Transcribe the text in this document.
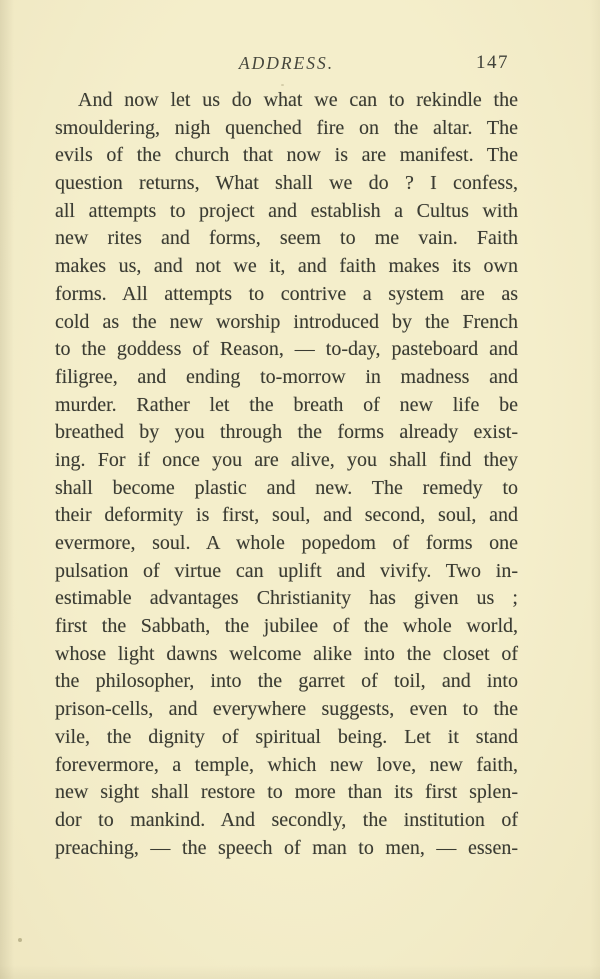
ADDRESS.	147
And now let us do what we can to rekindle the
smouldering, nigh quenched fire on the altar. The
evils of the church that now is are manifest. The
question returns, What shall we do ? I confess,
all attempts to project and establish a Cultus with
new rites and forms, seem to me vain. Faith
makes us, and not we it, and faith makes its own
forms. All attempts to contrive a system are as
cold as the new worship introduced by the French
to the goddess of Reason, — to-day, pasteboard and
filigree, and ending to-morrow in madness and
murder. Rather let the breath of new life be
breathed by you through the forms already exist-
ing. For if once you are alive, you shall find they
shall become plastic and new. The remedy to
their deformity is first, soul, and second, soul, and
evermore, soul. A whole popedom of forms one
pulsation of virtue can uplift and vivify. Two in-
estimable advantages Christianity has given us ;
first the Sabbath, the jubilee of the whole world,
whose light dawns welcome alike into the closet of
the philosopher, into the garret of toil, and into
prison-cells, and everywhere suggests, even to the
vile, the dignity of spiritual being. Let it stand
forevermore, a temple, which new love, new faith,
new sight shall restore to more than its first splen-
dor to mankind. And secondly, the institution of
preaching, — the speech of man to men, — essen-
